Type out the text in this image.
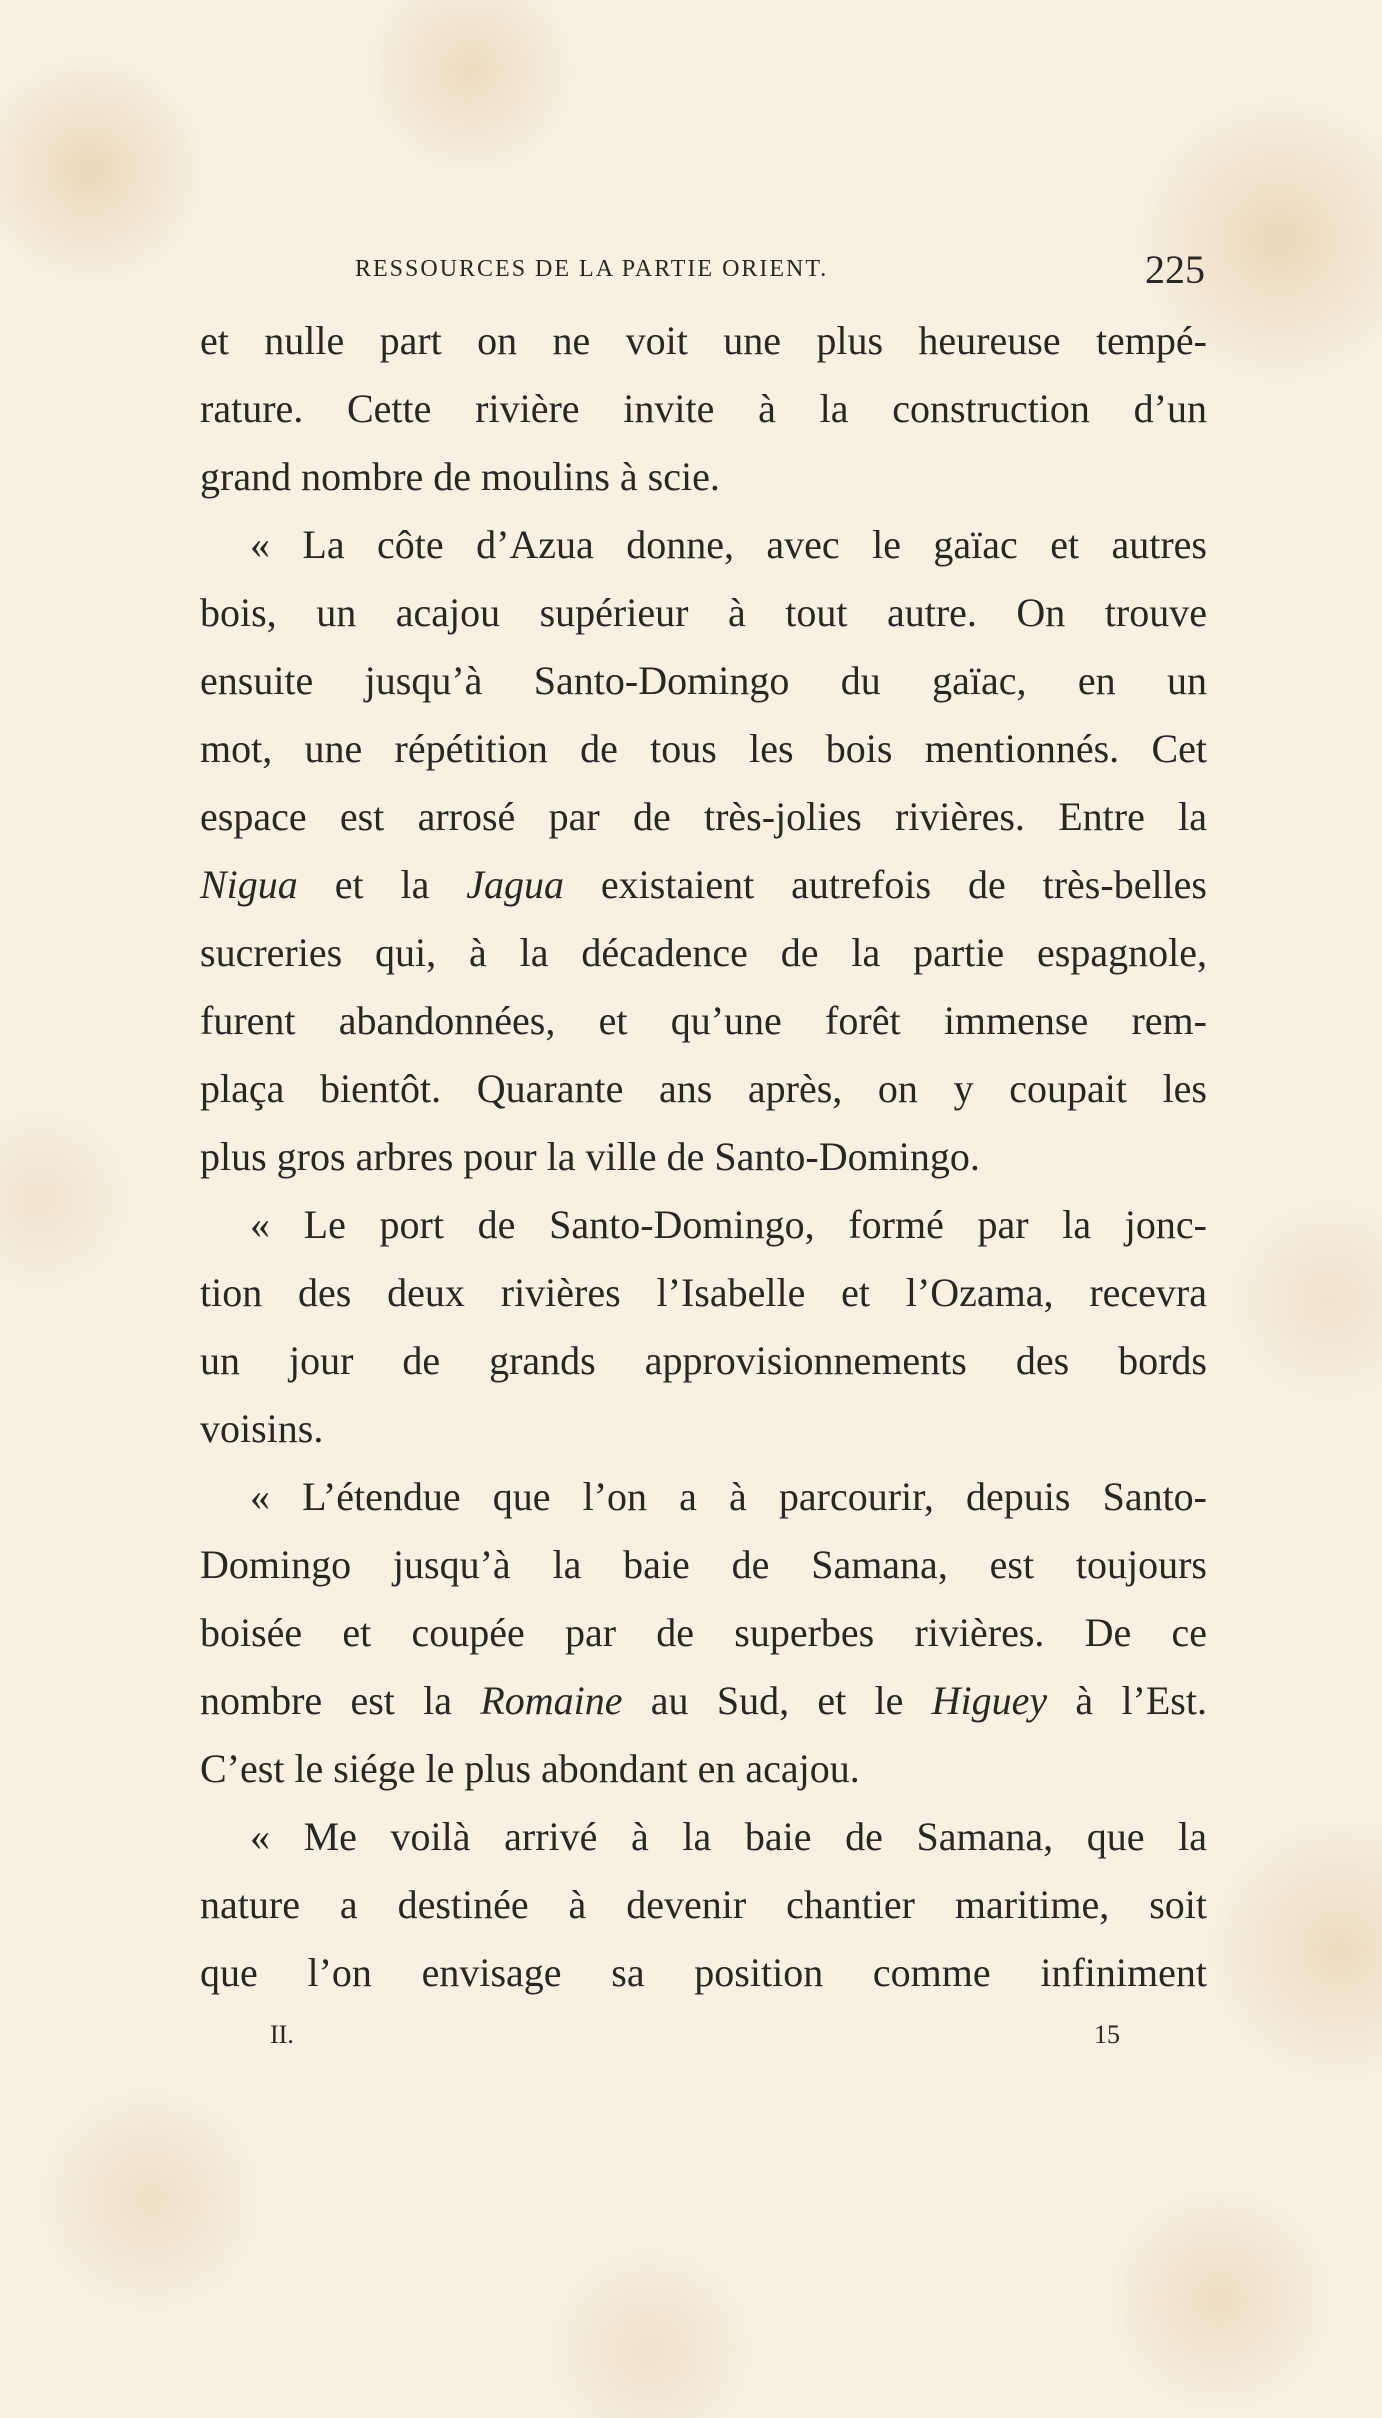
RESSOURCES DE LA PARTIE ORIENT.	225
et nulle part on ne voit une plus heureuse tempé-
rature. Cette rivière invite à la construction d’un
grand nombre de moulins à scie.
« La côte d’Azua donne, avec le gaïac et autres
bois, un acajou supérieur à tout autre. On trouve
ensuite jusqu’à Santo-Domingo du gaïac, en un
mot, une répétition de tous les bois mentionnés. Cet
espace est arrosé par de très-jolies rivières. Entre la
Nigua et la Jagua existaient autrefois de très-belles
sucreries qui, à la décadence de la partie espagnole,
furent abandonnées, et qu’une forêt immense rem-
plaça bientôt. Quarante ans après, on y coupait les
plus gros arbres pour la ville de Santo-Domingo.
« Le port de Santo-Domingo, formé par la jonc-
tion des deux rivières l’Isabelle et l’Ozama, recevra
un jour de grands approvisionnements des bords
voisins.
« L’étendue que l’on a à parcourir, depuis Santo-
Domingo jusqu’à la baie de Samana, est toujours
boisée et coupée par de superbes rivières. De ce
nombre est la Romaine au Sud, et le Higuey à l’Est.
C’est le siége le plus abondant en acajou.
« Me voilà arrivé à la baie de Samana, que la
nature a destinée à devenir chantier maritime, soit
que l’on envisage sa position comme infiniment
II.	15
